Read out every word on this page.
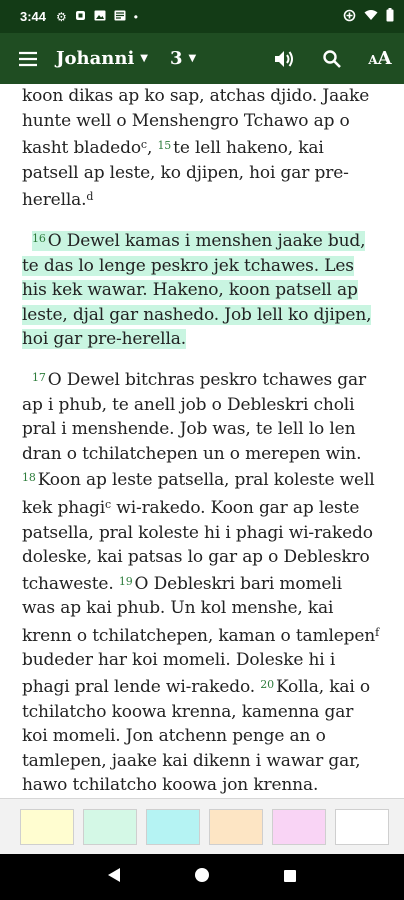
3:44 ⚙	•
Johanni ▼ 3 ▼	AA

koon dikas ap ko sap, atchas djido. Jaake hunte well o Menshengro Tchawo ap o kasht bladedo$^c$, $^{15}$ te lell hakeno, kai patsell ap leste, ko djipen, hoi gar pre-herella.$^d$

$^{16}$ O Dewel kamas i menshen jaake bud, te das lo lenge peskro jek tchawes. Les his kek wawar. Hakeno, koon patsell ap leste, djal gar nashedo. Job lell ko djipen, hoi gar pre-herella.

$^{17}$ O Dewel bitchras peskro tchawes gar ap i phub, te anell job o Debleskri choli pral i menshende. Job was, te lell lo len dran o tchilatchepen un o merepen win. $^{18}$ Koon ap leste patsella, pral koleste well kek phagi$^c$ wi-rakedo. Koon gar ap leste patsella, pral koleste hi i phagi wi-rakedo doleske, kai patsas lo gar ap o Debleskro tchaweste. $^{19}$ O Debleskri bari momeli was ap kai phub. Un kol menshe, kai krenn o tchilatchepen, kaman o tamlepen$^f$ budeder har koi momeli. Doleske hi i phagi pral lende wi-rakedo. $^{20}$ Kolla, kai o tchilatcho koowa krenna, kamenna gar koi momeli. Jon atchenn penge an o tamlepen, jaake kai dikenn i wawar gar, hawo tchilatcho koowa jon krenna.
